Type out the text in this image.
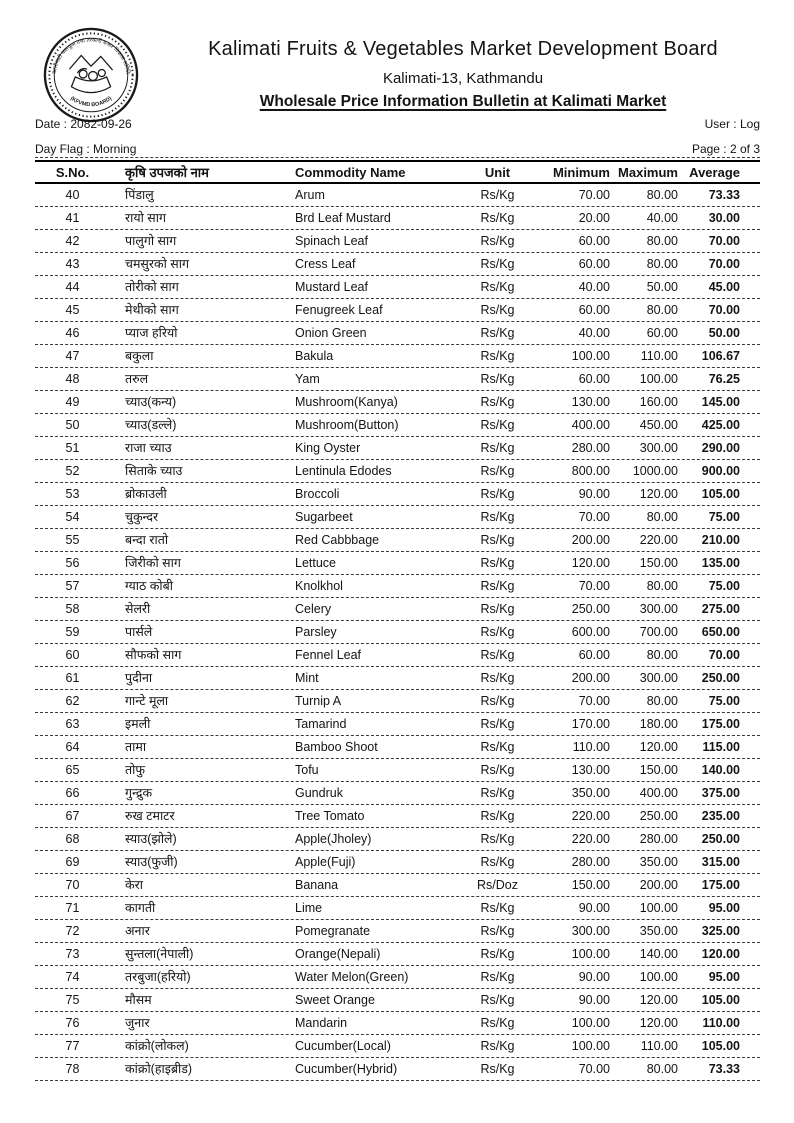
कालीमाटी फलफूल तथा तरकारी बजार विकास समिति
(KFVMD BOARD)
Kalimati Fruits & Vegetables Market Development Board
Kalimati-13, Kathmandu
Wholesale Price Information Bulletin at Kalimati Market
Date : 2082-09-26	User : Log
Day Flag : Morning	Page : 2 of 3
S.No.	कृषि उपजको नाम	Commodity Name	Unit	Minimum Maximum Average
40	पिंडालु	Arum	Rs/Kg	70.00	80.00	73.33
41	रायो साग	Brd Leaf Mustard	Rs/Kg	20.00	40.00	30.00
42	पालुगो साग	Spinach Leaf	Rs/Kg	60.00	80.00	70.00
43	चमसुरको साग	Cress Leaf	Rs/Kg	60.00	80.00	70.00
44	तोरीको साग	Mustard Leaf	Rs/Kg	40.00	50.00	45.00
45	मेथीको साग	Fenugreek Leaf	Rs/Kg	60.00	80.00	70.00
46	प्याज हरियो	Onion Green	Rs/Kg	40.00	60.00	50.00
47	बकुला	Bakula	Rs/Kg	100.00	110.00	106.67
48	तरुल	Yam	Rs/Kg	60.00	100.00	76.25
49	च्याउ(कन्य)	Mushroom(Kanya)	Rs/Kg	130.00	160.00	145.00
50	च्याउ(डल्ले)	Mushroom(Button)	Rs/Kg	400.00	450.00	425.00
51	राजा च्याउ	King Oyster	Rs/Kg	280.00	300.00	290.00
52	सिताके च्याउ	Lentinula Edodes	Rs/Kg	800.00	1000.00	900.00
53	ब्रोकाउली	Broccoli	Rs/Kg	90.00	120.00	105.00
54	चुकुन्दर	Sugarbeet	Rs/Kg	70.00	80.00	75.00
55	बन्दा रातो	Red Cabbbage	Rs/Kg	200.00	220.00	210.00
56	जिरीको साग	Lettuce	Rs/Kg	120.00	150.00	135.00
57	ग्याठ कोबी	Knolkhol	Rs/Kg	70.00	80.00	75.00
58	सेलरी	Celery	Rs/Kg	250.00	300.00	275.00
59	पार्सले	Parsley	Rs/Kg	600.00	700.00	650.00
60	सौफको साग	Fennel Leaf	Rs/Kg	60.00	80.00	70.00
61	पुदीना	Mint	Rs/Kg	200.00	300.00	250.00
62	गान्टे मूला	Turnip A	Rs/Kg	70.00	80.00	75.00
63	इमली	Tamarind	Rs/Kg	170.00	180.00	175.00
64	तामा	Bamboo Shoot	Rs/Kg	110.00	120.00	115.00
65	तोफु	Tofu	Rs/Kg	130.00	150.00	140.00
66	गुन्द्रुक	Gundruk	Rs/Kg	350.00	400.00	375.00
67	रुख टमाटर	Tree Tomato	Rs/Kg	220.00	250.00	235.00
68	स्याउ(झोले)	Apple(Jholey)	Rs/Kg	220.00	280.00	250.00
69	स्याउ(फुजी)	Apple(Fuji)	Rs/Kg	280.00	350.00	315.00
70	केरा	Banana	Rs/Doz	150.00	200.00	175.00
71	कागती	Lime	Rs/Kg	90.00	100.00	95.00
72	अनार	Pomegranate	Rs/Kg	300.00	350.00	325.00
73	सुन्तला(नेपाली)	Orange(Nepali)	Rs/Kg	100.00	140.00	120.00
74	तरबुजा(हरियो)	Water Melon(Green)	Rs/Kg	90.00	100.00	95.00
75	मौसम	Sweet Orange	Rs/Kg	90.00	120.00	105.00
76	जुनार	Mandarin	Rs/Kg	100.00	120.00	110.00
77	कांक्रो(लोकल)	Cucumber(Local)	Rs/Kg	100.00	110.00	105.00
78	कांक्रो(हाइब्रीड)	Cucumber(Hybrid)	Rs/Kg	70.00	80.00	73.33
